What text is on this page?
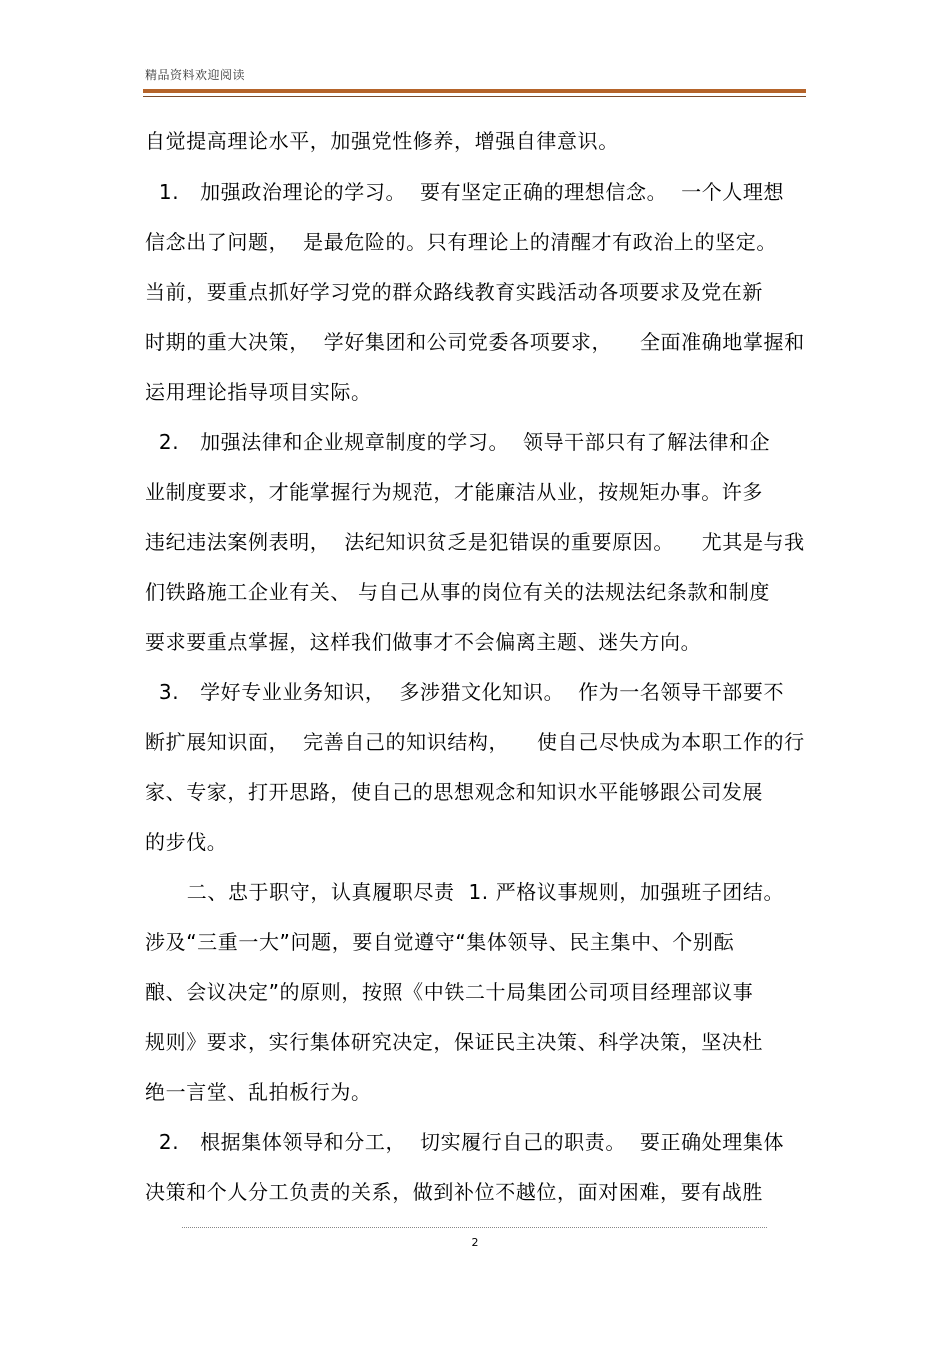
精品资料欢迎阅读
自觉提高理论水平，加强党性修养，增强自律意识。
1.   加强政治理论的学习。  要有坚定正确的理想信念。  一个人理想
信念出了问题，  是最危险的。只有理论上的清醒才有政治上的坚定。
当前，要重点抓好学习党的群众路线教育实践活动各项要求及党在新
时期的重大决策，  学好集团和公司党委各项要求，    全面准确地掌握和
运用理论指导项目实际。
2.   加强法律和企业规章制度的学习。  领导干部只有了解法律和企
业制度要求，才能掌握行为规范，才能廉洁从业，按规矩办事。许多
违纪违法案例表明，  法纪知识贫乏是犯错误的重要原因。    尤其是与我
们铁路施工企业有关、 与自己从事的岗位有关的法规法纪条款和制度
要求要重点掌握，这样我们做事才不会偏离主题、迷失方向。
3.   学好专业业务知识，  多涉猎文化知识。  作为一名领导干部要不
断扩展知识面，  完善自己的知识结构，    使自己尽快成为本职工作的行
家、专家，打开思路，使自己的思想观念和知识水平能够跟公司发展
的步伐。
二、忠于职守，认真履职尽责  1. 严格议事规则，加强班子团结。
涉及“三重一大”问题，要自觉遵守“集体领导、民主集中、个别酝
酿、会议决定”的原则，按照《中铁二十局集团公司项目经理部议事
规则》要求，实行集体研究决定，保证民主决策、科学决策，坚决杜
绝一言堂、乱拍板行为。
2.   根据集体领导和分工，  切实履行自己的职责。  要正确处理集体
决策和个人分工负责的关系，做到补位不越位，面对困难，要有战胜
2
